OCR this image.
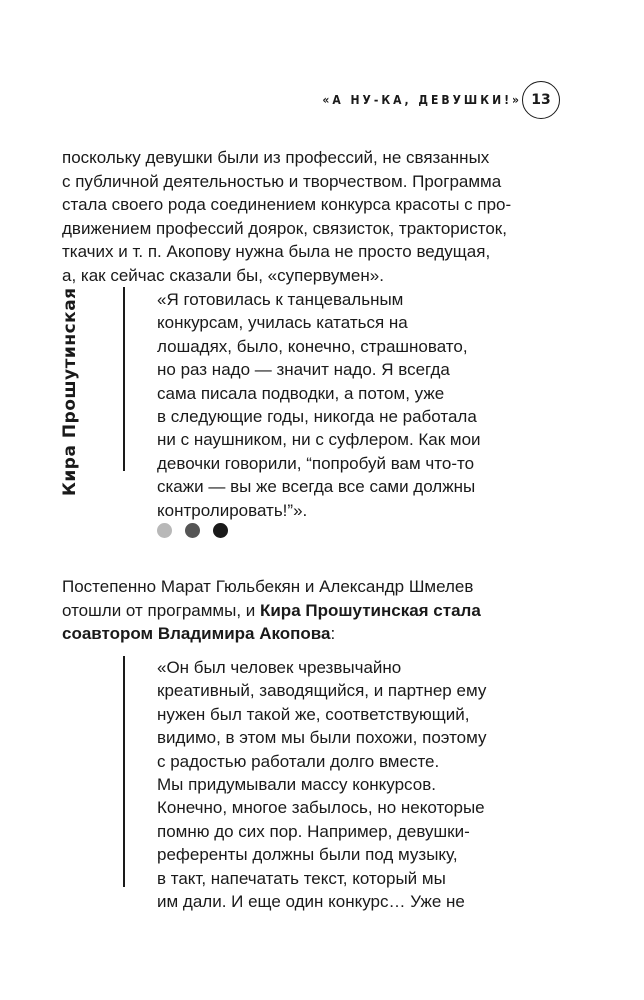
«А НУ-КА, ДЕВУШКИ!» 13
поскольку девушки были из профессий, не связанных
с публичной деятельностью и творчеством. Программа
стала своего рода соединением конкурса красоты с про-
движением профессий доярок, связисток, трактористок,
ткачих и т. п. Акопову нужна была не просто ведущая,
а, как сейчас сказали бы, «супервумен».
Кира Прошутинская	«Я готовилась к танцевальным
конкурсам, училась кататься на
лошадях, было, конечно, страшновато,
но раз надо — значит надо. Я всегда
сама писала подводки, а потом, уже
в следующие годы, никогда не работала
ни с наушником, ни с суфлером. Как мои
девочки говорили, “попробуй вам что-то
скажи — вы же всегда все сами должны
контролировать!”».
Постепенно Марат Гюльбекян и Александр Шмелев
отошли от программы, и Кира Прошутинская стала
соавтором Владимира Акопова:
«Он был человек чрезвычайно
креативный, заводящийся, и партнер ему
нужен был такой же, соответствующий,
видимо, в этом мы были похожи, поэтому
с радостью работали долго вместе.
Мы придумывали массу конкурсов.
Конечно, многое забылось, но некоторые
помню до сих пор. Например, девушки-
референты должны были под музыку,
в такт, напечатать текст, который мы
им дали. И еще один конкурс… Уже не
